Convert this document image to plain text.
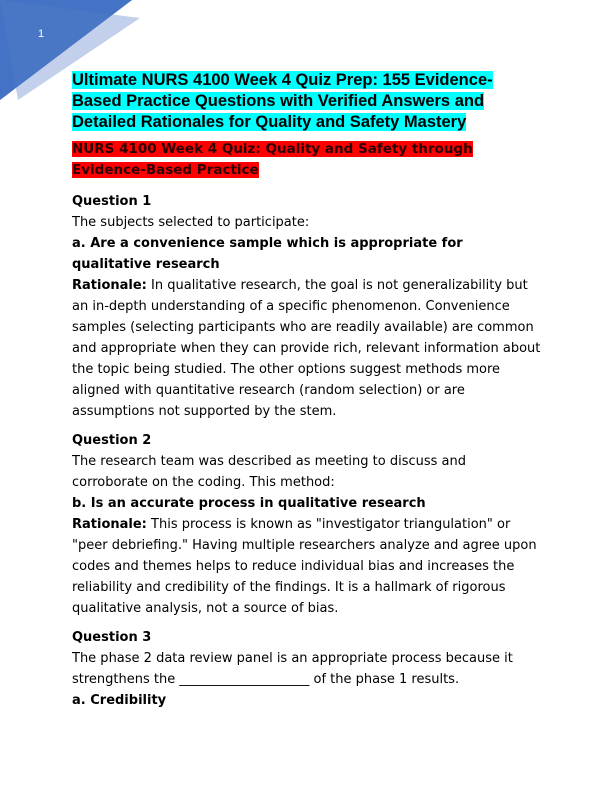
1
Ultimate NURS 4100 Week 4 Quiz Prep: 155 Evidence-Based Practice Questions with Verified Answers and Detailed Rationales for Quality and Safety Mastery
NURS 4100 Week 4 Quiz: Quality and Safety through Evidence-Based Practice
Question 1
The subjects selected to participate:
a. Are a convenience sample which is appropriate for qualitative research
Rationale: In qualitative research, the goal is not generalizability but an in-depth understanding of a specific phenomenon. Convenience samples (selecting participants who are readily available) are common and appropriate when they can provide rich, relevant information about the topic being studied. The other options suggest methods more aligned with quantitative research (random selection) or are assumptions not supported by the stem.
Question 2
The research team was described as meeting to discuss and corroborate on the coding. This method:
b. Is an accurate process in qualitative research
Rationale: This process is known as "investigator triangulation" or "peer debriefing." Having multiple researchers analyze and agree upon codes and themes helps to reduce individual bias and increases the reliability and credibility of the findings. It is a hallmark of rigorous qualitative analysis, not a source of bias.
Question 3
The phase 2 data review panel is an appropriate process because it strengthens the ____________________ of the phase 1 results.
a. Credibility
